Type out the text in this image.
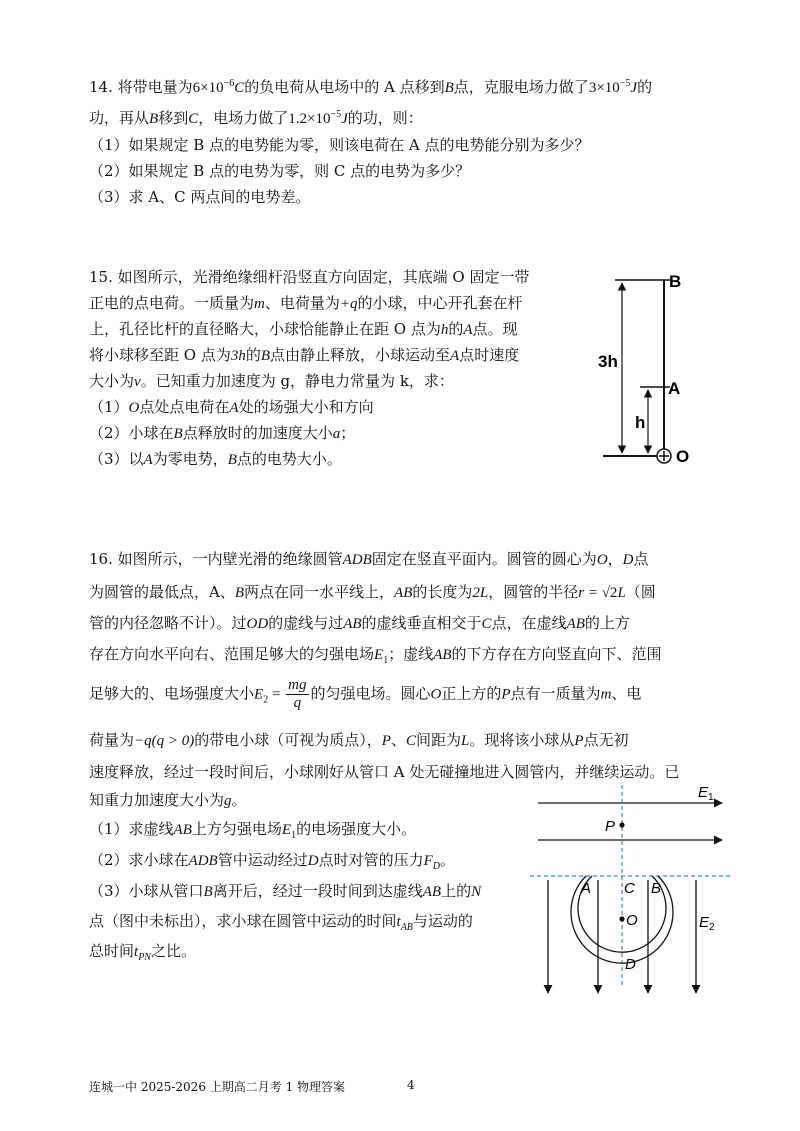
14. 将带电量为$6\times 10^{-6}C$的负电荷从电场中的 A 点移到B点，克服电场力做了$3\times 10^{-5}J$的
功，再从B移到C，电场力做了$1.2\times 10^{-5}J$的功，则：
（1）如果规定 B 点的电势能为零，则该电荷在 A 点的电势能分别为多少？
（2）如果规定 B 点的电势为零，则 C 点的电势为多少？
（3）求 A、C 两点间的电势差。
15. 如图所示，光滑绝缘细杆沿竖直方向固定，其底端 O 固定一带
正电的点电荷。一质量为m、电荷量为+q的小球，中心开孔套在杆
上，孔径比杆的直径略大，小球恰能静止在距 O 点为h的A点。现
将小球移至距 O 点为3h的B点由静止释放，小球运动至A点时速度
大小为v。已知重力加速度为 g，静电力常量为 k，求：
（1）O点处点电荷在A处的场强大小和方向
（2）小球在B点释放时的加速度大小a；
（3）以A为零电势，B点的电势大小。
B
A
O
3h
h
16. 如图所示，一内壁光滑的绝缘圆管ADB固定在竖直平面内。圆管的圆心为O，D点
为圆管的最低点，A、B两点在同一水平线上，AB的长度为2L，圆管的半径r = √2L（圆
管的内径忽略不计）。过OD的虚线与过AB的虚线垂直相交于C点，在虚线AB的上方
存在方向水平向右、范围足够大的匀强电场$E_1$；虚线AB的下方存在方向竖直向下、范围
足够大的、电场强度大小$E_2 = \frac{mg}{q}$ 的匀强电场。圆心O正上方的P点有一质量为m、电
荷量为−q(q > 0)的带电小球（可视为质点），P、C间距为L。现将该小球从P点无初
速度释放，经过一段时间后，小球刚好从管口 A 处无碰撞地进入圆管内，并继续运动。已
知重力加速度大小为g。
（1）求虚线AB上方匀强电场$E_1$的电场强度大小。
（2）求小球在ADB管中运动经过D点时对管的压力$F_D$。
（3）小球从管口B离开后，经过一段时间到达虚线AB上的N
点（图中未标出），求小球在圆管中运动的时间$t_{AB}$与运动的
总时间$t_{PN}$之比。
$E_1$
$E_2$
P
A C B
O
D
连城一中 2025-2026 上期高二月考 1 物理答案	4
